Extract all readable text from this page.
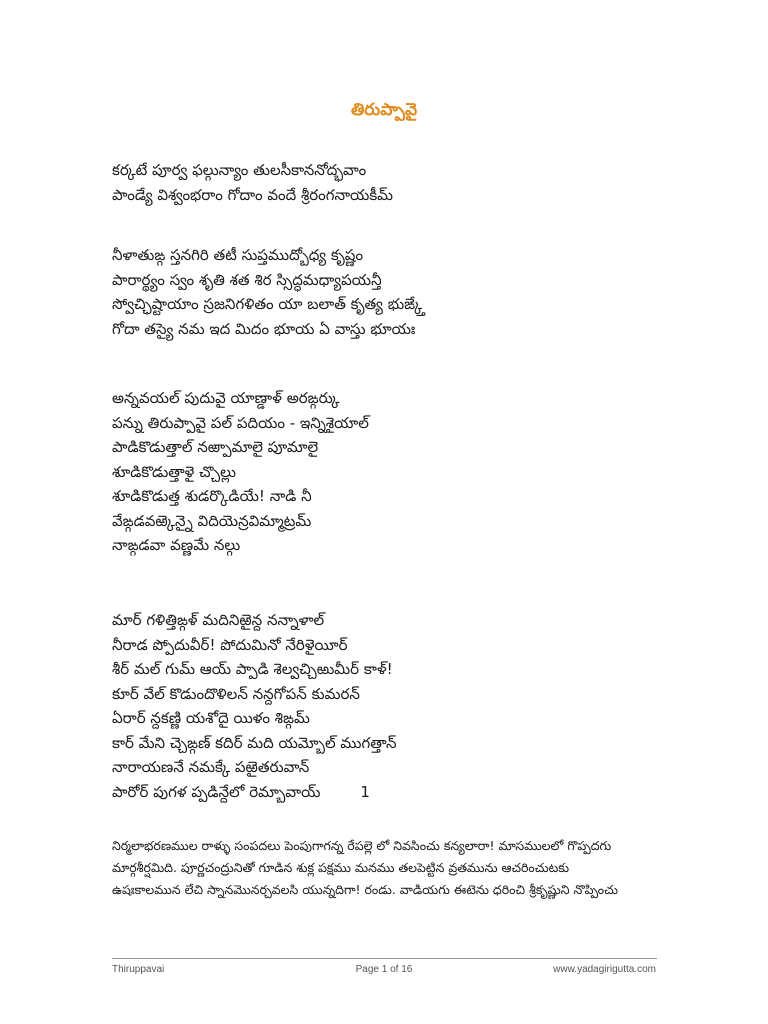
తిరుప్పావై
కర్కటే పూర్వ ఫల్గున్యాం తులసీకాననోద్భవాం
పాండ్యే విశ్వంభరాం గోదాం వందే శ్రీరంగనాయకీమ్
నీళాతుఙ్గ స్తనగిరి తటీ సుప్తముద్బోధ్య కృష్ణం
పారార్థ్యం స్వం శృతి శత శిర స్సిద్ధమధ్యాపయన్తీ
స్వోచ్ఛిష్టాయాం స్రజనిగళితం యా బలాత్ కృత్య భుఙ్క్తే
గోదా తస్యై నమ ఇద మిదం భూయ ఏ వాస్తు భూయః
అన్నవయల్ పుదువై యాణ్డాళ్ అరఙ్గర్కు
పన్ను తిరుప్పావై పల్ పదియం - ఇన్నిశైయాల్
పాడికొడుత్తాల్ నఱ్పామాలై పూమాలై
శూడికొడుత్తాళై చ్చొల్లు
శూడికొడుత్త శుడర్కొడియే! నాడి నీ
వేఙ్గడవఱ్కెన్నై విదియెన్రవిమ్మాట్రమ్
నాఙ్గడవా వణ్ణమే నల్గు
మార్ గళిత్తిఙ్గళ్ మదినిఱైన్ద నన్నాళాల్
నీరాడ ప్పోదువీర్! పోదుమినో నేరిళైయీర్
శీర్ మల్ గుమ్ ఆయ్ ప్పాడి శెల్వచ్చిఱుమీర్ కాళ్!
కూర్ వేల్ కొడుందొళిలన్ నన్దగోపన్ కుమరన్
ఏరార్ న్దకణ్ణి యశోదై యిళం శిఙ్గమ్
కార్ మేని చ్చెఙ్గణ్ కదిర్ మది యమ్బోల్ ముగత్తాన్
నారాయణనే నమక్కే పఱైతరువాన్
పారోర్ పుగళ ప్పడిన్దేలో రెమ్బావాయ్	1
నిర్మలాభరణముల రాళ్ళు సంపదలు పెంపుగాగన్న రేపల్లె లో నివసించు కన్యలారా! మాసములలో గొప్పదగు
మార్గశీర్షమిది. పూర్ణచంద్రునితో గూడిన శుక్ల పక్షము మనము తలపెట్టిన వ్రతమును ఆచరించుటకు
ఉషఃకాలమున లేచి స్నానమొనర్చవలసి యున్నదిగా! రండు. వాడియగు ఈటెను ధరించి శ్రీకృష్ణుని నొప్పించు
Thiruppavai	Page 1 of 16	www.yadagirigutta.com
